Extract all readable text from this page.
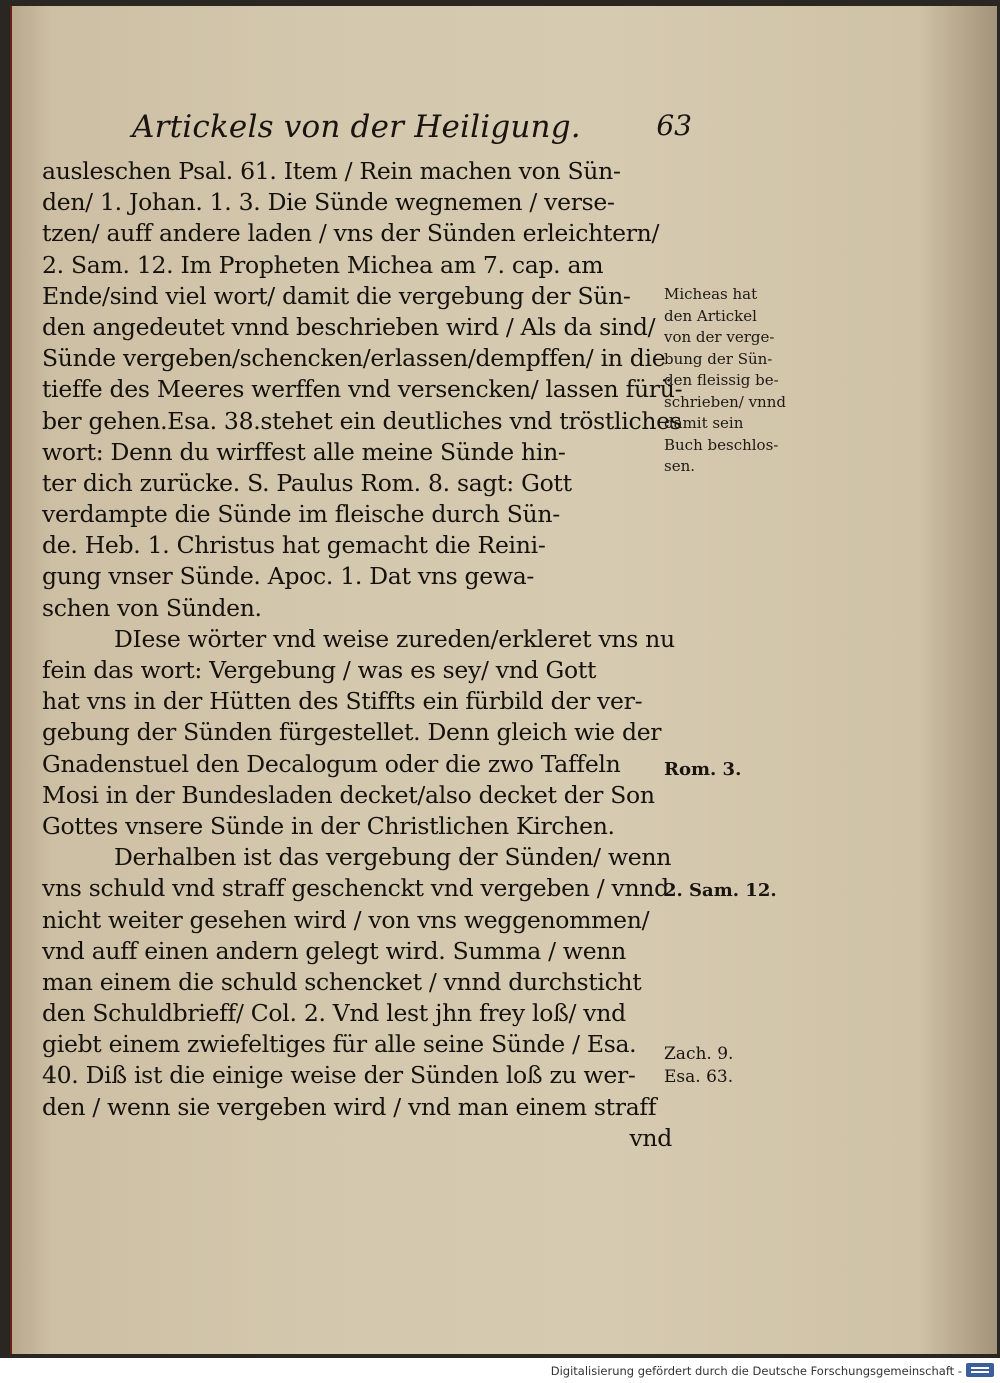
Artickels von der Heiligung.	63
ausleschen Psal. 61. Item / Rein machen von Sün-
den/ 1. Johan. 1. 3. Die Sünde wegnemen / verse-
tzen/ auff andere laden / vns der Sünden erleichtern/
2. Sam. 12. Im Propheten Michea am 7. cap. am
Ende/sind viel wort/ damit die vergebung der Sün-
den angedeutet vnnd beschrieben wird / Als da sind/
Sünde vergeben/schencken/erlassen/dempffen/ in die
tieffe des Meeres werffen vnd versencken/ lassen fürü-
ber gehen.Esa. 38.stehet ein deutliches vnd tröstliches
wort: Denn du wirffest alle meine Sünde hin-
ter dich zurücke. S. Paulus Rom. 8. sagt: Gott
verdampte die Sünde im fleische durch Sün-
de. Heb. 1. Christus hat gemacht die Reini-
gung vnser Sünde. Apoc. 1. Dat vns gewa-
schen von Sünden.
DIese wörter vnd weise zureden/erkleret vns nu
fein das wort: Vergebung / was es sey/ vnd Gott
hat vns in der Hütten des Stiffts ein fürbild der ver-
gebung der Sünden fürgestellet. Denn gleich wie der
Gnadenstuel den Decalogum oder die zwo Taffeln
Mosi in der Bundesladen decket/also decket der Son
Gottes vnsere Sünde in der Christlichen Kirchen.
Derhalben ist das vergebung der Sünden/ wenn
vns schuld vnd straff geschenckt vnd vergeben / vnnd
nicht weiter gesehen wird / von vns weggenommen/
vnd auff einen andern gelegt wird. Summa / wenn
man einem die schuld schencket / vnnd durchsticht
den Schuldbrieff/ Col. 2. Vnd lest jhn frey loß/ vnd
giebt einem zwiefeltiges für alle seine Sünde / Esa.
40. Diß ist die einige weise der Sünden loß zu wer-
den / wenn sie vergeben wird / vnd man einem straff
vnd
Micheas hat
den Artickel
von der verge-
bung der Sün-
den fleissig be-
schrieben/ vnnd
damit sein
Buch beschlos-
sen.
Rom. 3.
2. Sam. 12.
Zach. 9.
Esa. 63.
Digitalisierung gefördert durch die Deutsche Forschungsgemeinschaft -
